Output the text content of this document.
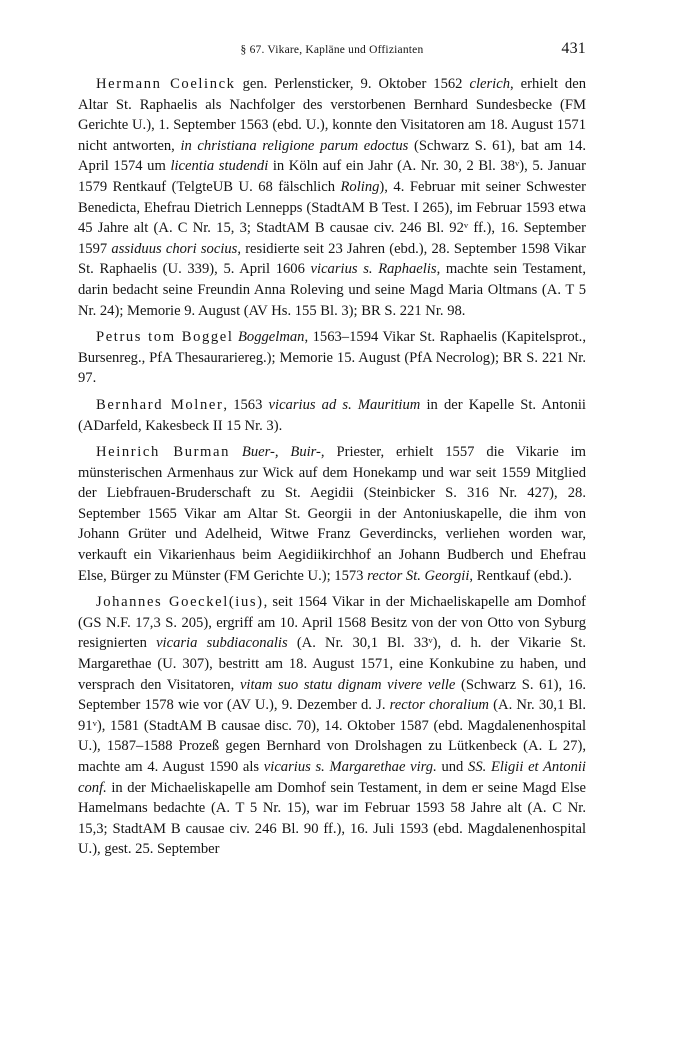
§ 67. Vikare, Kapläne und Offizianten	431

Hermann Coelinck gen. Perlensticker, 9. Oktober 1562 clerich, erhielt den Altar St. Raphaelis als Nachfolger des verstorbenen Bernhard Sundesbecke (FM Gerichte U.), 1. September 1563 (ebd. U.), konnte den Visitatoren am 18. August 1571 nicht antworten, in christiana religione parum edoctus (Schwarz S. 61), bat am 14. April 1574 um licentia studendi in Köln auf ein Jahr (A. Nr. 30, 2 Bl. 38ᵛ), 5. Januar 1579 Rentkauf (TelgteUB U. 68 fälschlich Roling), 4. Februar mit seiner Schwester Benedicta, Ehefrau Dietrich Lennepps (StadtAM B Test. I 265), im Februar 1593 etwa 45 Jahre alt (A. C Nr. 15, 3; StadtAM B causae civ. 246 Bl. 92ᵛ ff.), 16. September 1597 assiduus chori socius, residierte seit 23 Jahren (ebd.), 28. September 1598 Vikar St. Raphaelis (U. 339), 5. April 1606 vicarius s. Raphaelis, machte sein Testament, darin bedacht seine Freundin Anna Roleving und seine Magd Maria Oltmans (A. T 5 Nr. 24); Memorie 9. August (AV Hs. 155 Bl. 3); BR S. 221 Nr. 98.

Petrus tom Boggel Boggelman, 1563–1594 Vikar St. Raphaelis (Kapitelsprot., Bursenreg., PfA Thesaurariereg.); Memorie 15. August (PfA Necrolog); BR S. 221 Nr. 97.

Bernhard Molner, 1563 vicarius ad s. Mauritium in der Kapelle St. Antonii (ADarfeld, Kakesbeck II 15 Nr. 3).

Heinrich Burman Buer-, Buir-, Priester, erhielt 1557 die Vikarie im münsterischen Armenhaus zur Wick auf dem Honekamp und war seit 1559 Mitglied der Liebfrauen-Bruderschaft zu St. Aegidii (Steinbicker S. 316 Nr. 427), 28. September 1565 Vikar am Altar St. Georgii in der Antoniuskapelle, die ihm von Johann Grüter und Adelheid, Witwe Franz Geverdincks, verliehen worden war, verkauft ein Vikarienhaus beim Aegidiikirchhof an Johann Budberch und Ehefrau Else, Bürger zu Münster (FM Gerichte U.); 1573 rector St. Georgii, Rentkauf (ebd.).

Johannes Goeckel(ius), seit 1564 Vikar in der Michaeliskapelle am Domhof (GS N.F. 17,3 S. 205), ergriff am 10. April 1568 Besitz von der von Otto von Syburg resignierten vicaria subdiaconalis (A. Nr. 30,1 Bl. 33ᵛ), d. h. der Vikarie St. Margarethae (U. 307), bestritt am 18. August 1571, eine Konkubine zu haben, und versprach den Visitatoren, vitam suo statu dignam vivere velle (Schwarz S. 61), 16. September 1578 wie vor (AV U.), 9. Dezember d. J. rector choralium (A. Nr. 30,1 Bl. 91ᵛ), 1581 (StadtAM B causae disc. 70), 14. Oktober 1587 (ebd. Magdalenenhospital U.), 1587–1588 Prozeß gegen Bernhard von Drolshagen zu Lütkenbeck (A. L 27), machte am 4. August 1590 als vicarius s. Margarethae virg. und SS. Eligii et Antonii conf. in der Michaeliskapelle am Domhof sein Testament, in dem er seine Magd Else Hamelmans bedachte (A. T 5 Nr. 15), war im Februar 1593 58 Jahre alt (A. C Nr. 15,3; StadtAM B causae civ. 246 Bl. 90 ff.), 16. Juli 1593 (ebd. Magdalenenhospital U.), gest. 25. September
